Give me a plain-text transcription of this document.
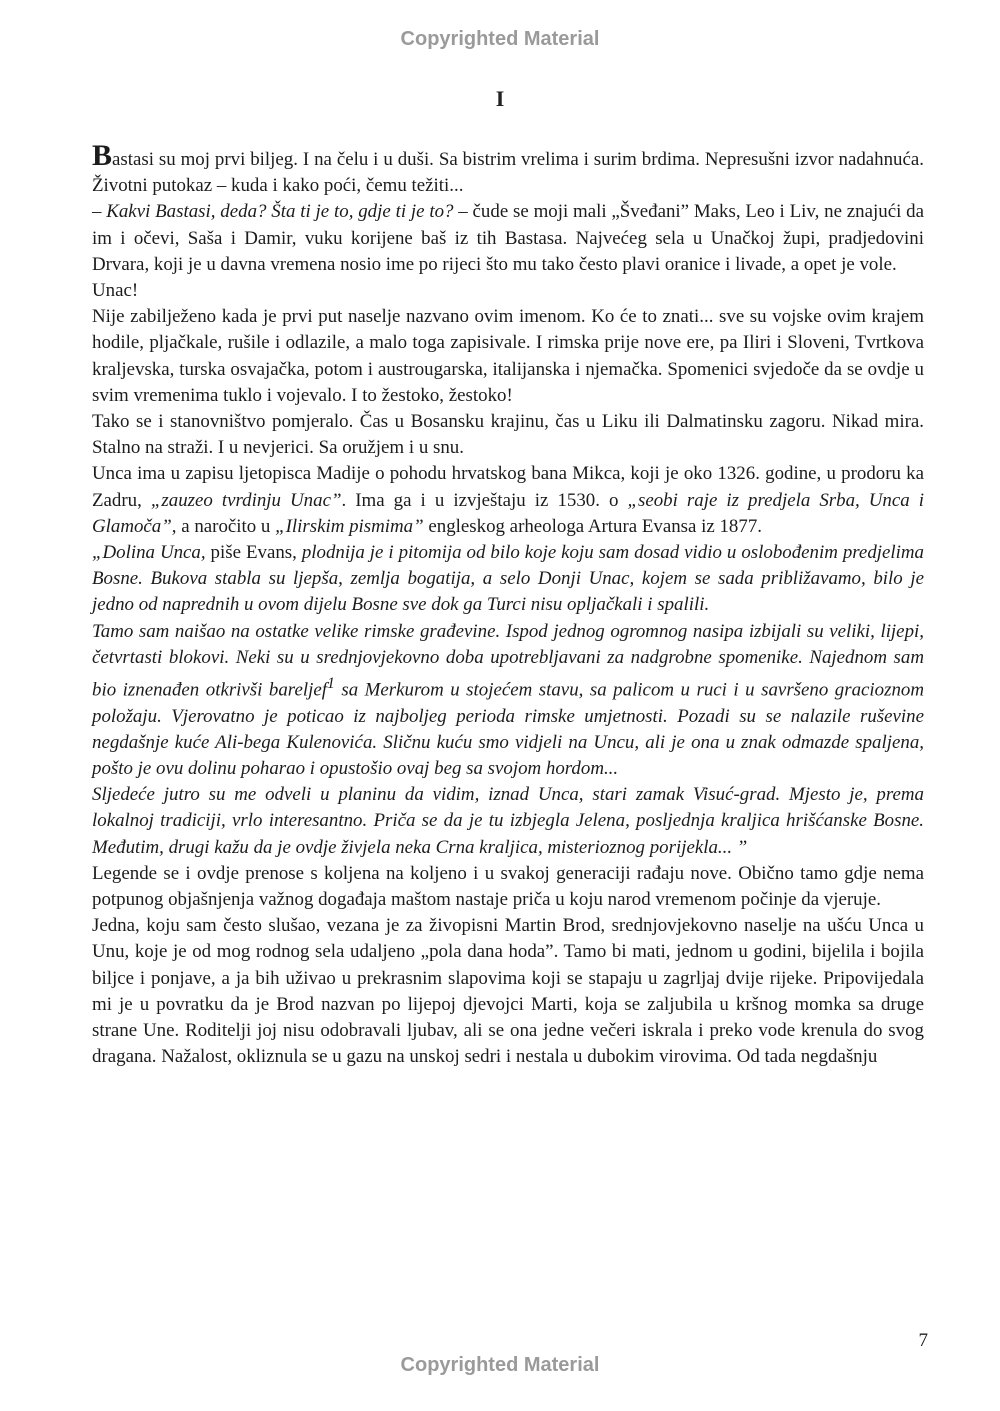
Copyrighted Material
I

Bastasi su moj prvi biljeg. I na čelu i u duši. Sa bistrim vrelima i surim brdima. Nepresušni izvor nadahnuća. Životni putokaz – kuda i kako poći, čemu težiti...

– Kakvi Bastasi, deda? Šta ti je to, gdje ti je to? – čude se moji mali „Švеđani” Maks, Leo i Liv, ne znajući da im i očevi, Saša i Damir, vuku korijene baš iz tih Bastasa. Najvećeg sela u Unačkoj župi, pradjedovini Drvara, koji je u davna vremena nosio ime po rijeci što mu tako često plavi oranice i livade, a opet je vole.

Unac!

Nije zabilježeno kada je prvi put naselje nazvano ovim imenom. Ko će to znati... sve su vojske ovim krajem hodile, pljačkale, rušile i odlazile, a malo toga zapisivale. I rimska prije nove ere, pa Iliri i Sloveni, Tvrtkova kraljevska, turska osvajačka, potom i austrougarska, italijanska i njemačka. Spomenici svjedoče da se ovdje u svim vremenima tuklo i vojevalo. I to žestoko, žestoko!

Tako se i stanovništvo pomjeralo. Čas u Bosansku krajinu, čas u Liku ili Dalmatinsku zagoru. Nikad mira. Stalno na straži. I u nevjerici. Sa oružjem i u snu.

Unca ima u zapisu ljetopisca Madije o pohodu hrvatskog bana Mikca, koji je oko 1326. godine, u prodoru ka Zadru, „zauzeo tvrdinju Unac”. Ima ga i u izvještaju iz 1530. o „seobi raje iz predjela Srba, Unca i Glamoča”, a naročito u „Ilirskim pismima” engleskog arheologa Artura Evansa iz 1877.

„Dolina Unca, piše Evans, plodnija je i pitomija od bilo koje koju sam dosad vidio u oslobođenim predjelima Bosne. Bukova stabla su ljepša, zemlja bogatija, a selo Donji Unac, kojem se sada približavamo, bilo je jedno od naprednih u ovom dijelu Bosne sve dok ga Turci nisu opljačkali i spalili.

Tamo sam naišao na ostatke velike rimske građevine. Ispod jednog ogromnog nasipa izbijali su veliki, lijepi, četvrtasti blokovi. Neki su u srednjovjekovno doba upotrebljavani za nadgrobne spomenike. Najednom sam bio iznenađen otkrivši bareljef$^1$ sa Merkurom u stojećem stavu, sa palicom u ruci i u savršeno gracioznom položaju. Vjerovatno je poticao iz najboljeg perioda rimske umjetnosti. Pozadi su se nalazile ruševine negdašnje kuće Ali-bega Kulenovića. Sličnu kuću smo vidjeli na Uncu, ali je ona u znak odmazde spaljena, pošto je ovu dolinu poharao i opustošio ovaj beg sa svojom hordom...

Sljedeće jutro su me odveli u planinu da vidim, iznad Unca, stari zamak Visuć-grad. Mjesto je, prema lokalnoj tradiciji, vrlo interesantno. Priča se da je tu izbjegla Jelena, posljednja kraljica hrišćanske Bosne. Međutim, drugi kažu da je ovdje živjela neka Crna kraljica, misterioznog porijekla... ”

Legende se i ovdje prenose s koljena na koljeno i u svakoj generaciji rađaju nove. Obično tamo gdje nema potpunog objašnjenja važnog događaja maštom nastaje priča u koju narod vremenom počinje da vjeruje.

Jedna, koju sam često slušao, vezana je za živopisni Martin Brod, srednjovjekovno naselje na ušću Unca u Unu, koje je od mog rodnog sela udaljeno „pola dana hoda”. Tamo bi mati, jednom u godini, bijelila i bojila biljce i ponjave, a ja bih uživao u prekrasnim slapovima koji se stapaju u zagrljaj dvije rijeke. Pripovijedala mi je u povratku da je Brod nazvan po lijepoj djevojci Marti, koja se zaljubila u kršnog momka sa druge strane Une. Roditelji joj nisu odobravali ljubav, ali se ona jedne večeri iskrala i preko vode krenula do svog dragana. Nažalost, okliznula se u gazu na unskoj sedri i nestala u dubokim virovima. Od tada negdašnju

7
Copyrighted Material
